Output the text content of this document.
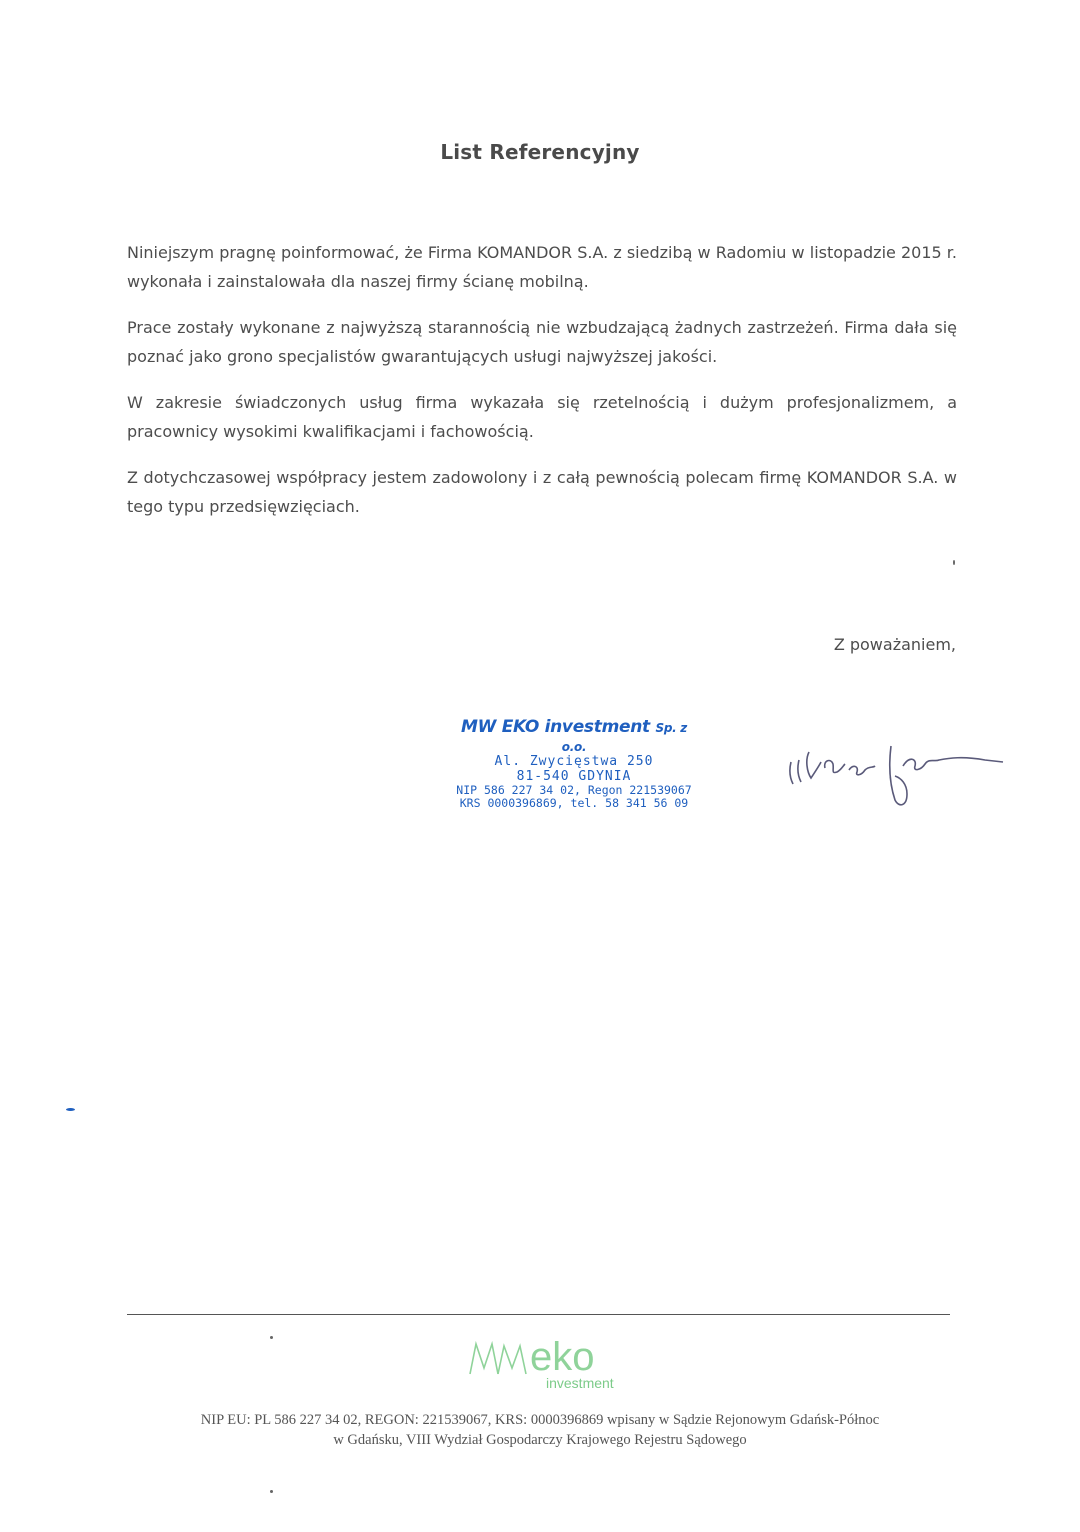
List Referencyjny

Niniejszym pragnę poinformować, że Firma KOMANDOR S.A. z siedzibą w Radomiu w listopadzie 2015 r. wykonała i zainstalowała dla naszej firmy ścianę mobilną.

Prace zostały wykonane z najwyższą starannością nie wzbudzającą żadnych zastrzeżeń. Firma dała się poznać jako grono specjalistów gwarantujących usługi najwyższej jakości.

W zakresie świadczonych usług firma wykazała się rzetelnością i dużym profesjonalizmem, a pracownicy wysokimi kwalifikacjami i fachowością.

Z dotychczasowej współpracy jestem zadowolony i z całą pewnością polecam firmę KOMANDOR S.A. w tego typu przedsięwzięciach.

Z poważaniem,
MW EKO investment Sp. z o.o.
Al. Zwycięstwa 250
81-540 GDYNIA
NIP 586 227 34 02, Regon 221539067
KRS 0000396869, tel. 58 341 56 09
eko
investment
NIP EU: PL 586 227 34 02, REGON: 221539067, KRS: 0000396869 wpisany w Sądzie Rejonowym Gdańsk-Północ
w Gdańsku, VIII Wydział Gospodarczy Krajowego Rejestru Sądowego
